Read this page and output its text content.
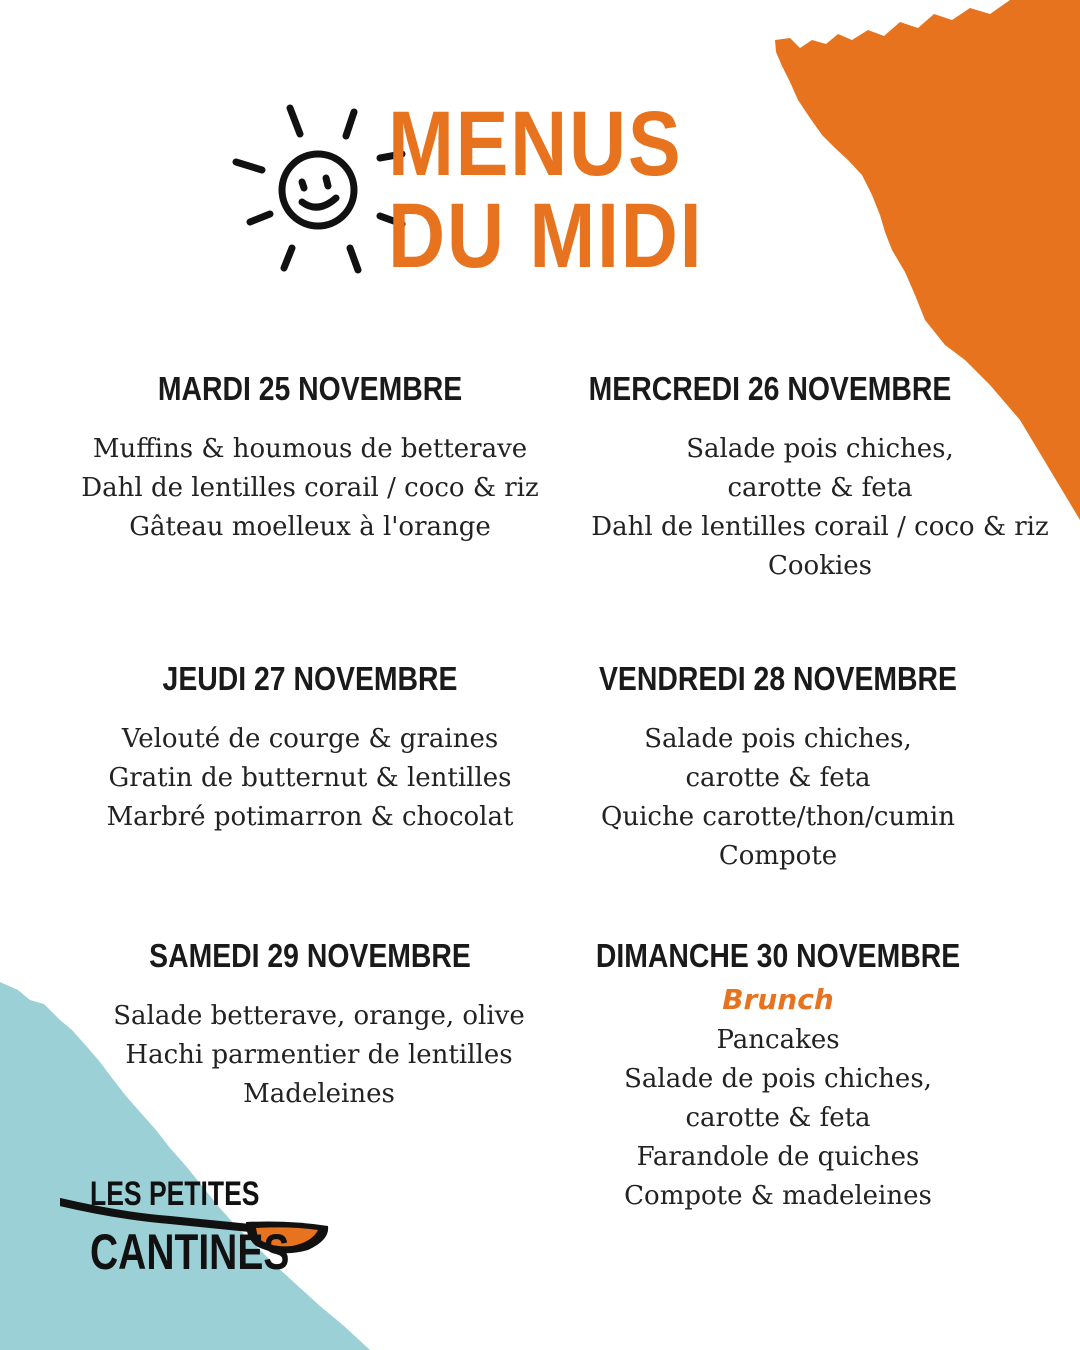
MENUS
DU MIDI
MARDI 25 NOVEMBRE
Muffins & houmous de betterave
Dahl de lentilles corail / coco & riz
Gâteau moelleux à l'orange
MERCREDI 26 NOVEMBRE
Salade pois chiches,
carotte & feta
Dahl de lentilles corail / coco & riz
Cookies
JEUDI 27 NOVEMBRE
Velouté de courge & graines
Gratin de butternut & lentilles
Marbré potimarron & chocolat
VENDREDI 28 NOVEMBRE
Salade pois chiches,
carotte & feta
Quiche carotte/thon/cumin
Compote
SAMEDI 29 NOVEMBRE
Salade betterave, orange, olive
Hachi parmentier de lentilles
Madeleines
DIMANCHE 30 NOVEMBRE
Brunch
Pancakes
Salade de pois chiches,
carotte & feta
Farandole de quiches
Compote & madeleines

LES PETITES

CANTINES
